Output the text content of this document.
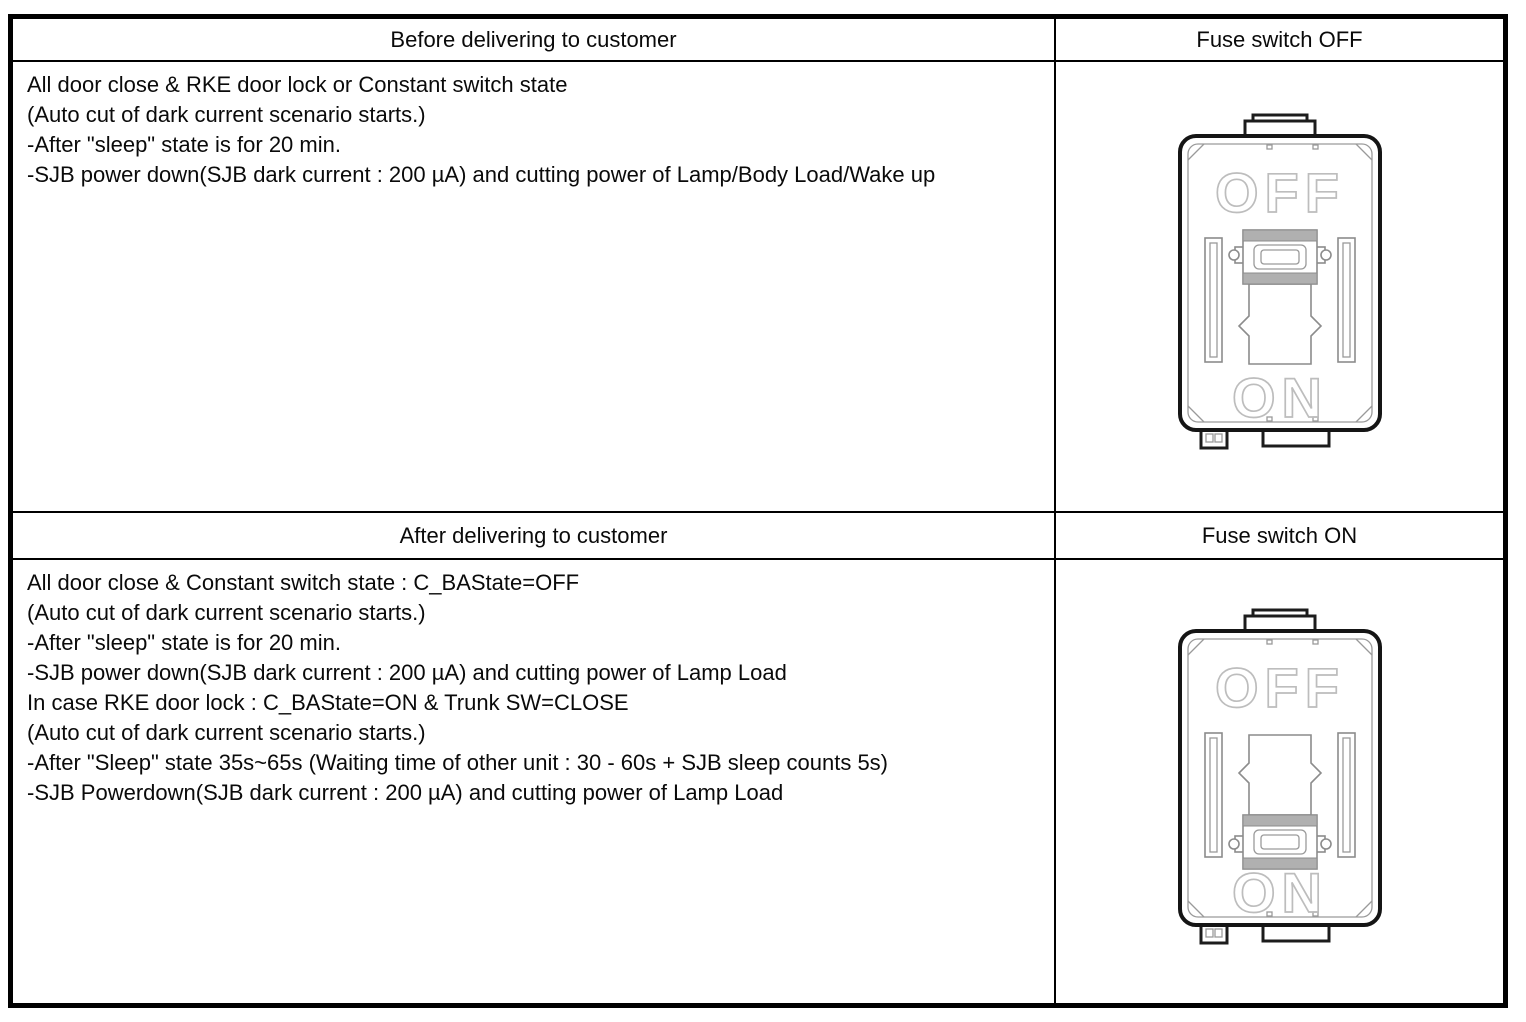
Before delivering to customer	Fuse switch OFF
All door close & RKE door lock or Constant switch state
(Auto cut of dark current scenario starts.)
-After "sleep" state is for 20 min.
-SJB power down(SJB dark current : 200 µA) and cutting power of Lamp/Body Load/Wake up	OFF
ON
After delivering to customer	Fuse switch ON
All door close & Constant switch state : C_BAState=OFF
(Auto cut of dark current scenario starts.)
-After "sleep" state is for 20 min.
-SJB power down(SJB dark current : 200 µA) and cutting power of Lamp Load
In case RKE door lock : C_BAState=ON & Trunk SW=CLOSE
(Auto cut of dark current scenario starts.)
-After "Sleep" state 35s~65s (Waiting time of other unit : 30 - 60s + SJB sleep counts 5s)
-SJB Powerdown(SJB dark current : 200 µA) and cutting power of Lamp Load
OFF
ON
